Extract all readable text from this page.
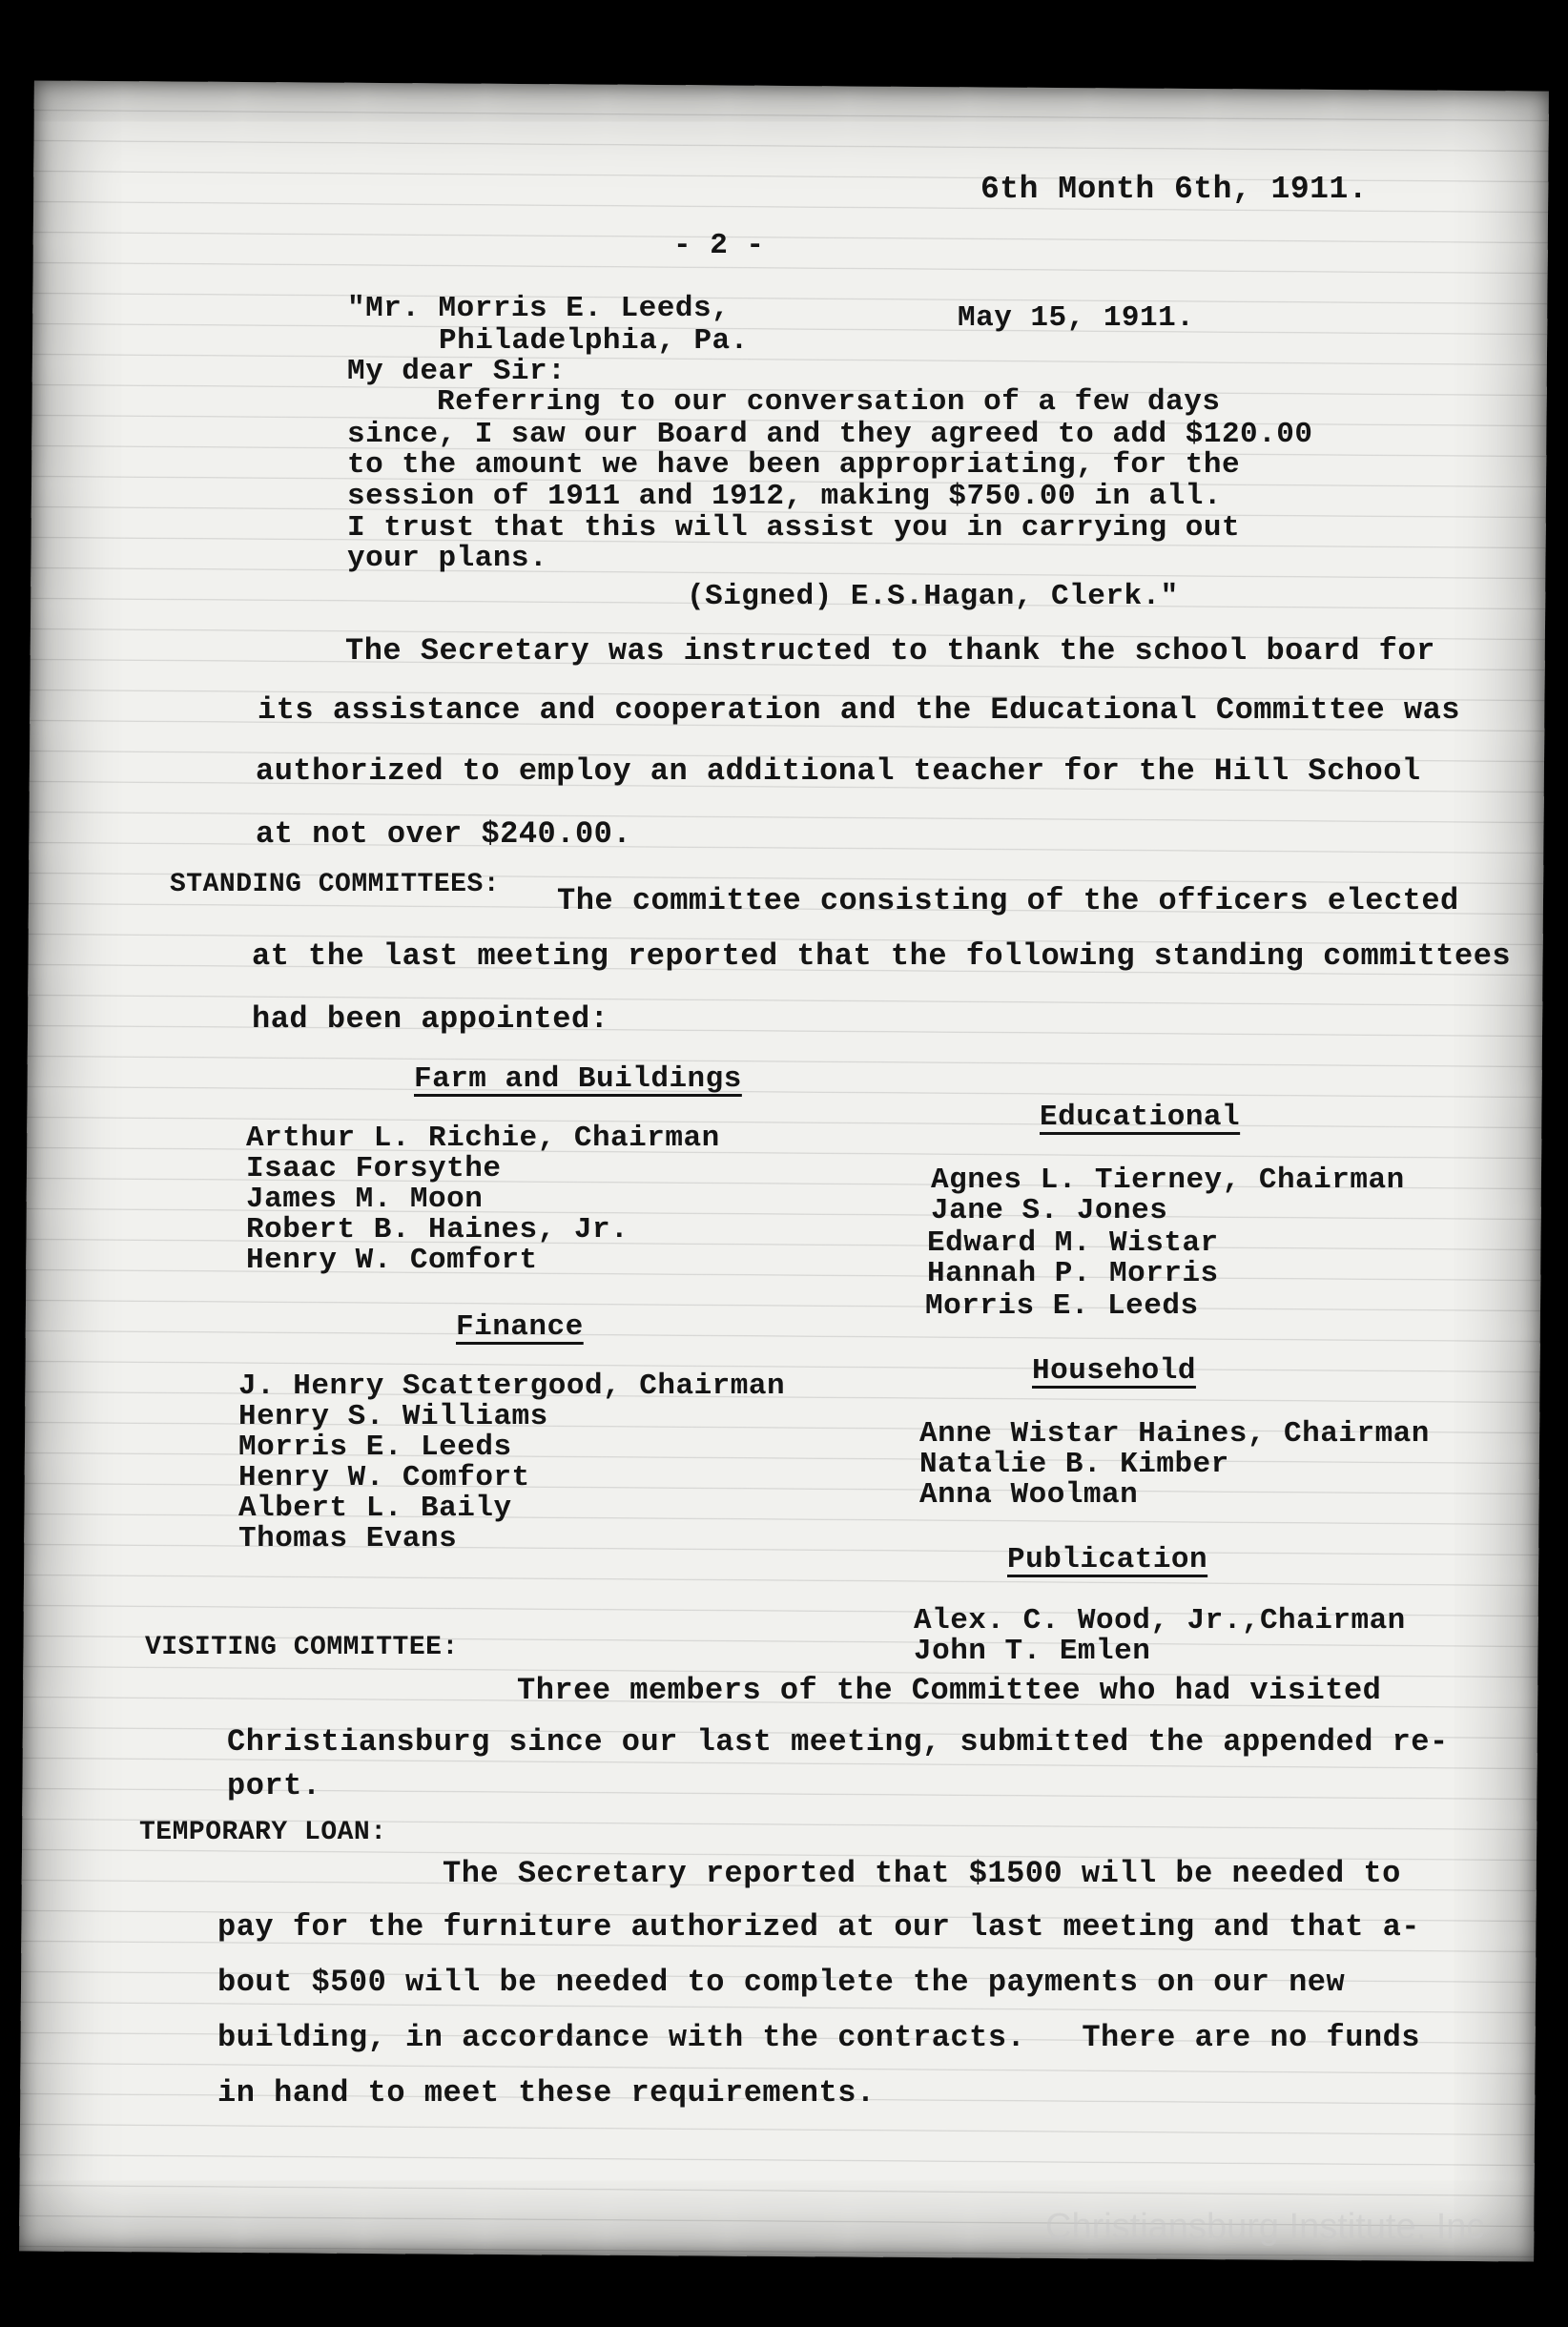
6th Month 6th, 1911.
- 2 -
"Mr. Morris E. Leeds,
Philadelphia, Pa.
May 15, 1911.
My dear Sir:
Referring to our conversation of a few days
since, I saw our Board and they agreed to add $120.00
to the amount we have been appropriating, for the
session of 1911 and 1912, making $750.00 in all.
I trust that this will assist you in carrying out
your plans.
(Signed) E.S.Hagan, Clerk."
The Secretary was instructed to thank the school board for
its assistance and cooperation and the Educational Committee was
authorized to employ an additional teacher for the Hill School
at not over $240.00.
STANDING COMMITTEES: The committee consisting of the officers elected
at the last meeting reported that the following standing committees
had been appointed:
Farm and Buildings
Arthur L. Richie, Chairman
Isaac Forsythe
James M. Moon
Robert B. Haines, Jr.
Henry W. Comfort
Finance
J. Henry Scattergood, Chairman
Henry S. Williams
Morris E. Leeds
Henry W. Comfort
Albert L. Baily
Thomas Evans
Educational
Agnes L. Tierney, Chairman
Jane S. Jones
Edward M. Wistar
Hannah P. Morris
Morris E. Leeds
Household
Anne Wistar Haines, Chairman
Natalie B. Kimber
Anna Woolman
Publication
Alex. C. Wood, Jr.,Chairman
John T. Emlen
VISITING COMMITTEE:
Three members of the Committee who had visited
Christiansburg since our last meeting, submitted the appended re-
port.
TEMPORARY LOAN:
The Secretary reported that $1500 will be needed to
pay for the furniture authorized at our last meeting and that a-
bout $500 will be needed to complete the payments on our new
building, in accordance with the contracts.   There are no funds
in hand to meet these requirements.
Christiansburg Institute, Inc
